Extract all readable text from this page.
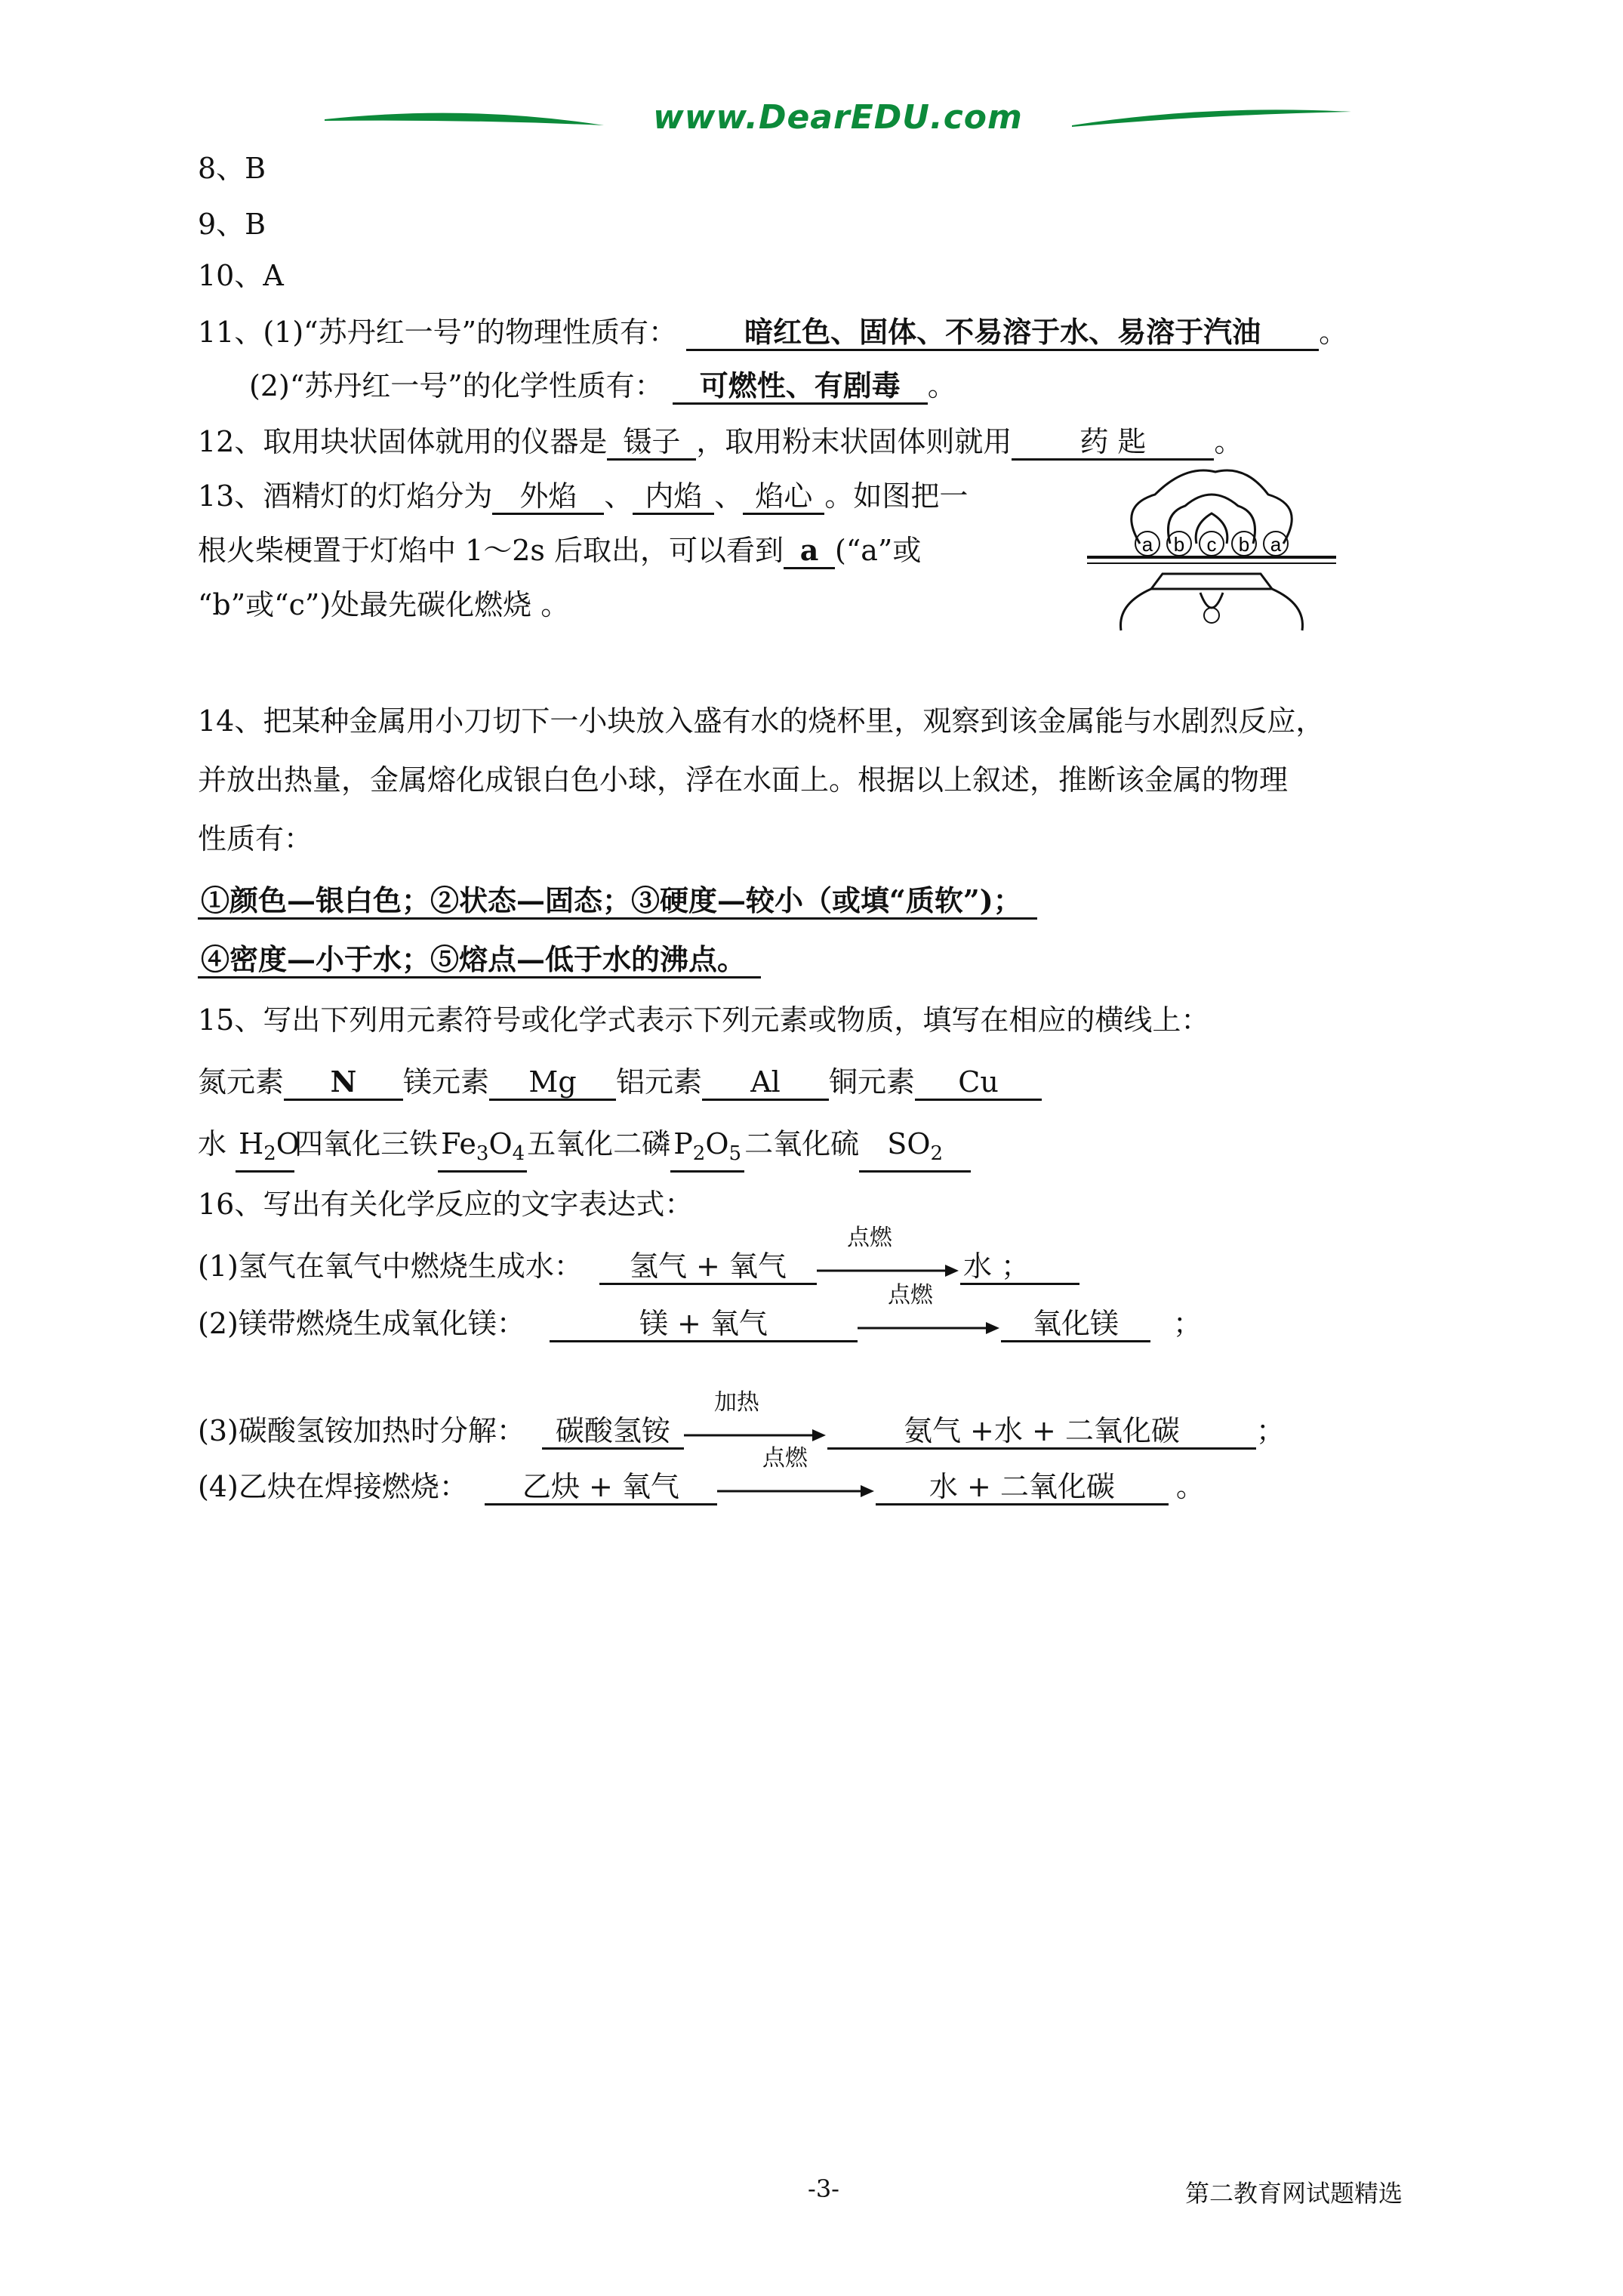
www.DearEDU.com
8、B
9、B
10、A
11、(1)“苏丹红一号”的物理性质有： 暗红色、固体、不易溶于水、易溶于汽油 。
(2)“苏丹红一号”的化学性质有： 可燃性、有剧毒 。
12、取用块状固体就用的仪器是 镊子 ，取用粉末状固体则就用 药 匙 。
13、酒精灯的灯焰分为 外焰 、 内焰 、 焰心 。如图把一
根火柴梗置于灯焰中 1～2s 后取出，可以看到 a (“a”或
“b”或“c”)处最先碳化燃烧 。
a b c b a
14、把某种金属用小刀切下一小块放入盛有水的烧杯里，观察到该金属能与水剧烈反应，
并放出热量，金属熔化成银白色小球，浮在水面上。根据以上叙述，推断该金属的物理
性质有：
①颜色—银白色；②状态—固态；③硬度—较小（或填“质软”)；
④密度—小于水；⑤熔点—低于水的沸点。
15、写出下列用元素符号或化学式表示下列元素或物质，填写在相应的横线上：
氮元素 N 镁元素 Mg 铝元素 Al 铜元素 Cu
水 $H_2O$四氧化三铁 $Fe_3O_4$五氧化二磷 $P_2O_5$ 二氧化硫 $SO_2$
16、写出有关化学反应的文字表达式：
(1)氢气在氧气中燃烧生成水： 氢气 + 氧气
点燃
水 ；
(2)镁带燃烧生成氧化镁：	镁 + 氧气
点燃
氧化镁 ；
(3)碳酸氢铵加热时分解： 碳酸氢铵
加热
氨气 +水 + 二氧化碳	；
(4)乙炔在焊接燃烧： 乙炔 + 氧气
点燃
水 + 二氧化碳 。
-3-	第二教育网试题精选
